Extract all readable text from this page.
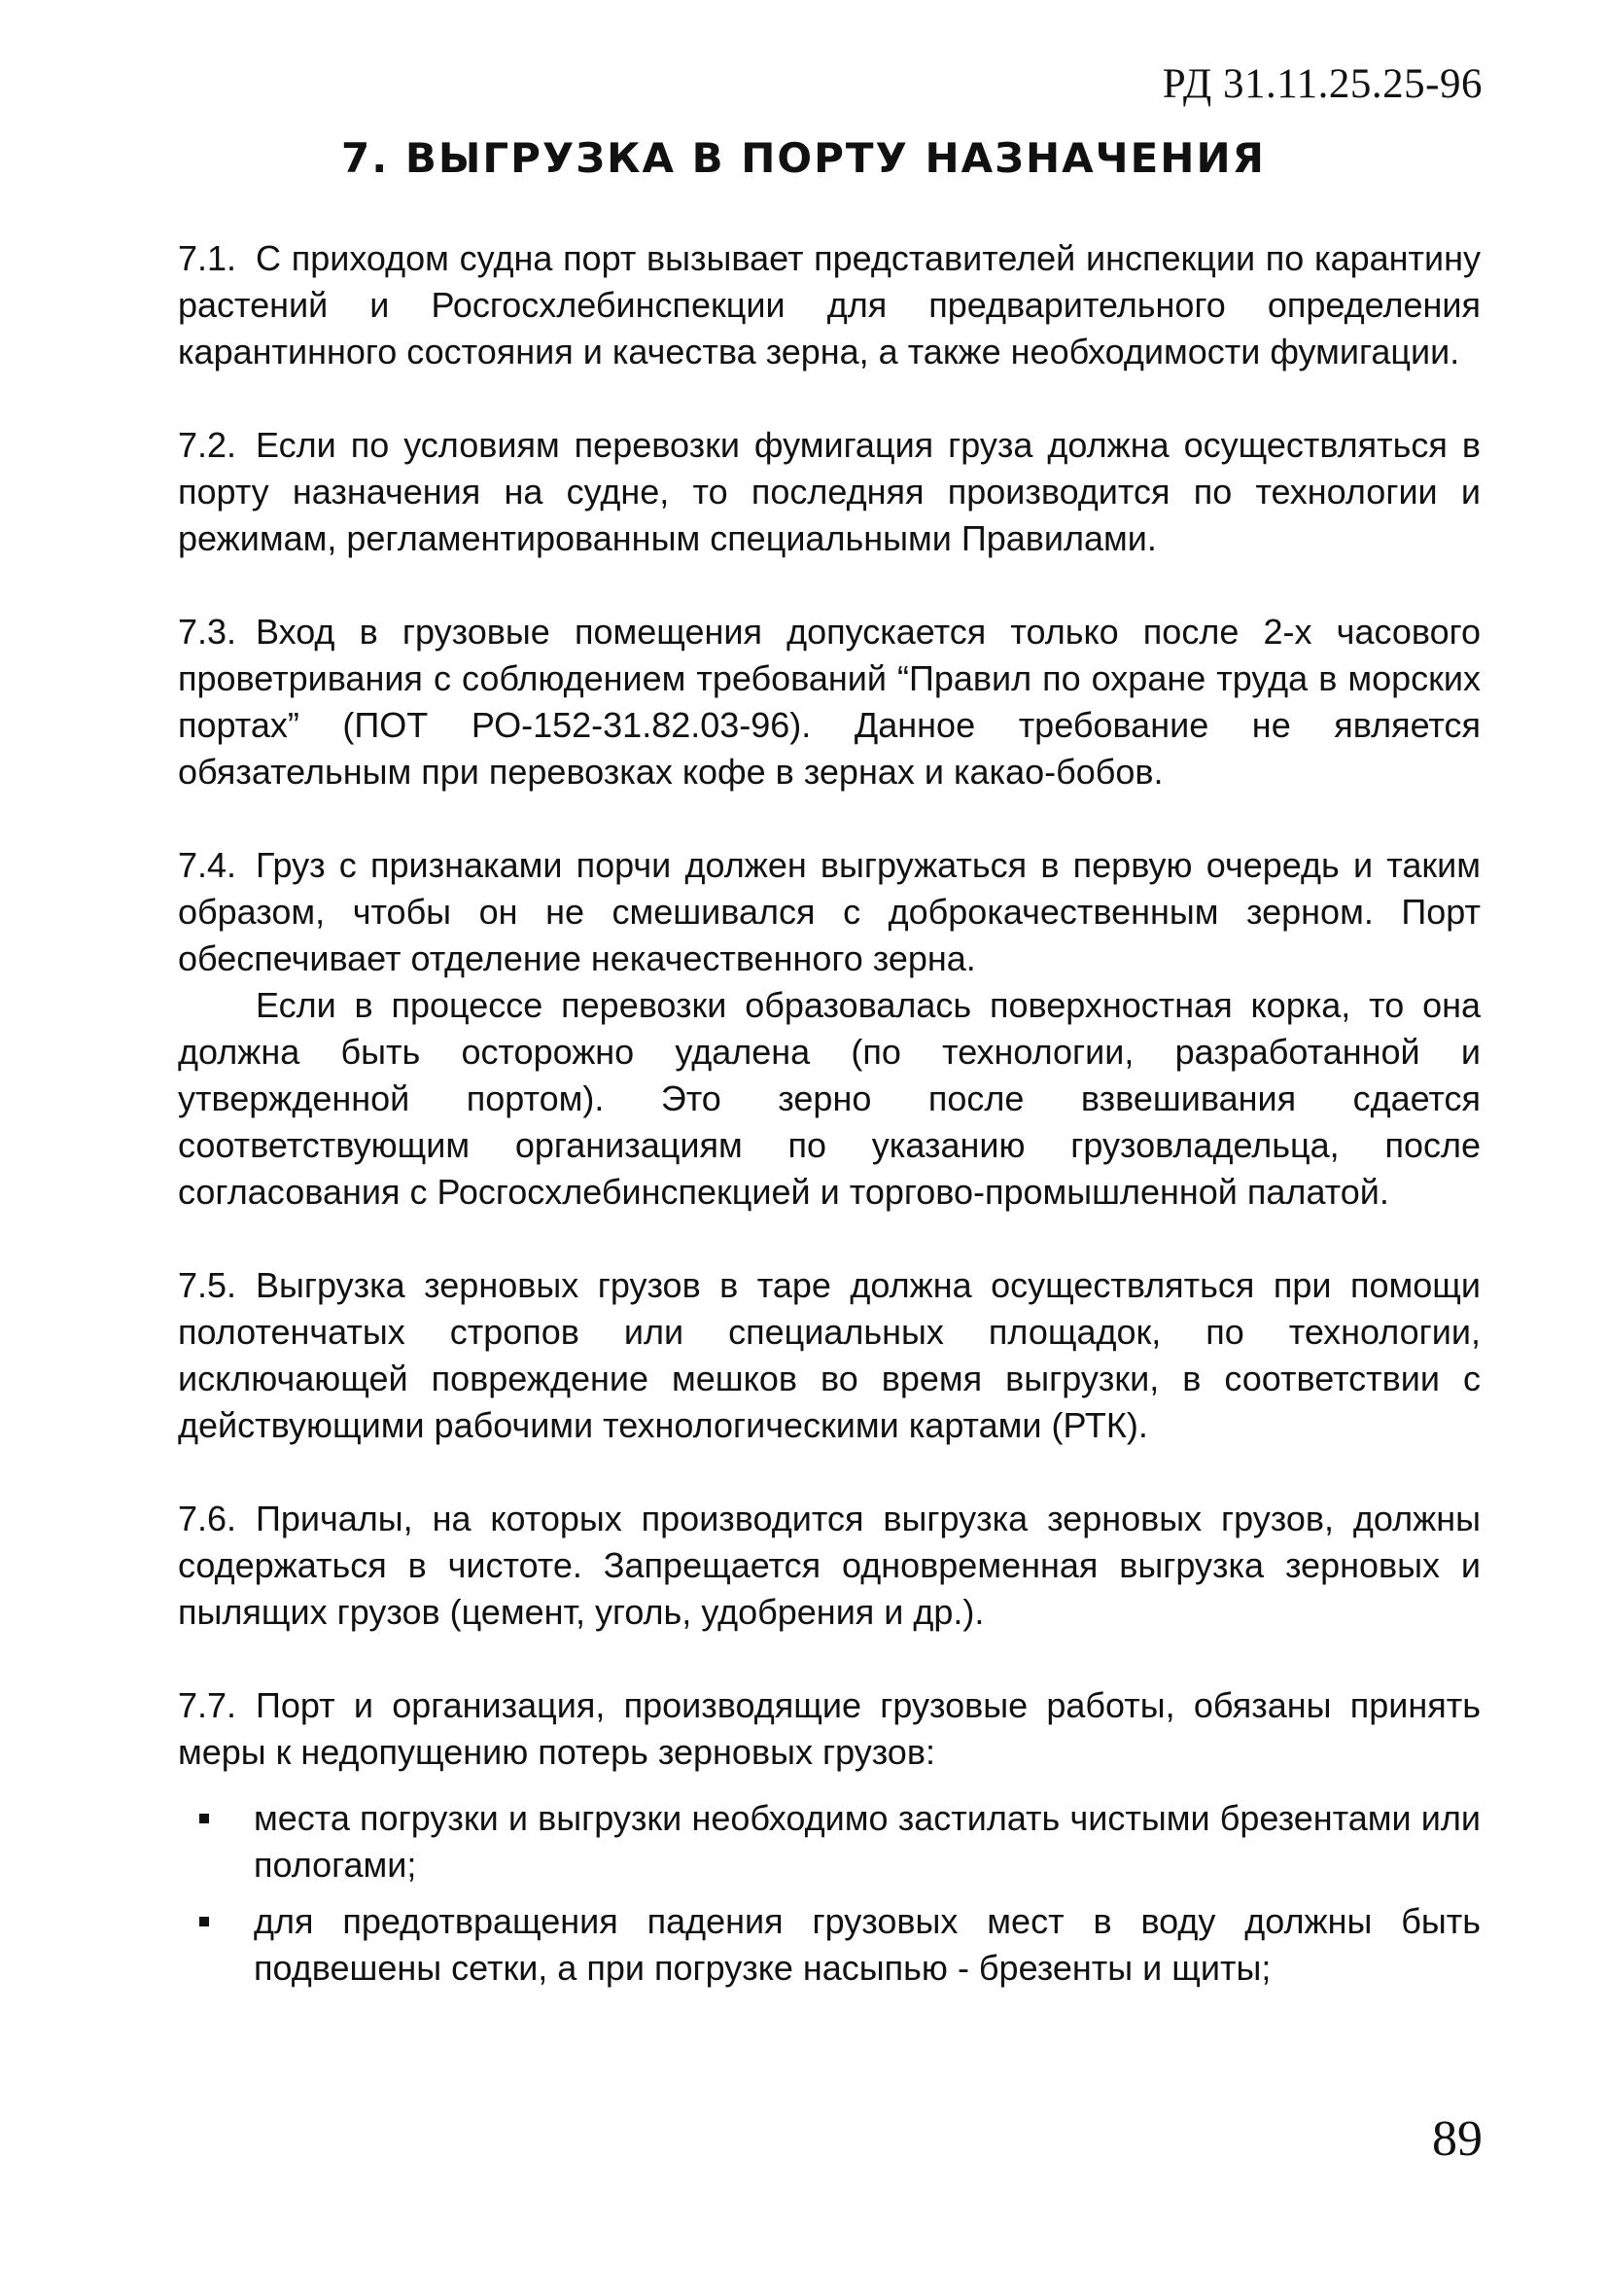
РД 31.11.25.25-96
7. ВЫГРУЗКА В ПОРТУ НАЗНАЧЕНИЯ

7.1. С приходом судна порт вызывает представителей инспекции по карантину растений и Росгосхлебинспекции для предварительного определения карантинного состояния и качества зерна, а также необходимости фумигации.

7.2. Если по условиям перевозки фумигация груза должна осуществляться в порту назначения на судне, то последняя производится по технологии и режимам, регламентированным специальными Правилами.

7.3. Вход в грузовые помещения допускается только после 2-х часового проветривания с соблюдением требований “Правил по охране труда в морских портах” (ПОТ РО-152-31.82.03-96). Данное требование не является обязательным при перевозках кофе в зернах и какао-бобов.

7.4. Груз с признаками порчи должен выгружаться в первую очередь и таким образом, чтобы он не смешивался с доброкачественным зерном. Порт обеспечивает отделение некачественного зерна.

Если в процессе перевозки образовалась поверхностная корка, то она должна быть осторожно удалена (по технологии, разработанной и утвержденной портом). Это зерно после взвешивания сдается соответствующим организациям по указанию грузовладельца, после согласования с Росгосхлебинспекцией и торгово-промышленной палатой.

7.5. Выгрузка зерновых грузов в таре должна осуществляться при помощи полотенчатых стропов или специальных площадок, по технологии, исключающей повреждение мешков во время выгрузки, в соответствии с действующими рабочими технологическими картами (РТК).

7.6. Причалы, на которых производится выгрузка зерновых грузов, должны содержаться в чистоте. Запрещается одновременная выгрузка зерновых и пылящих грузов (цемент, уголь, удобрения и др.).

7.7. Порт и организация, производящие грузовые работы, обязаны принять меры к недопущению потерь зерновых грузов:

места погрузки и выгрузки необходимо застилать чистыми брезентами или пологами;
для предотвращения падения грузовых мест в воду должны быть подвешены сетки, а при погрузке насыпью - брезенты и щиты;
89
